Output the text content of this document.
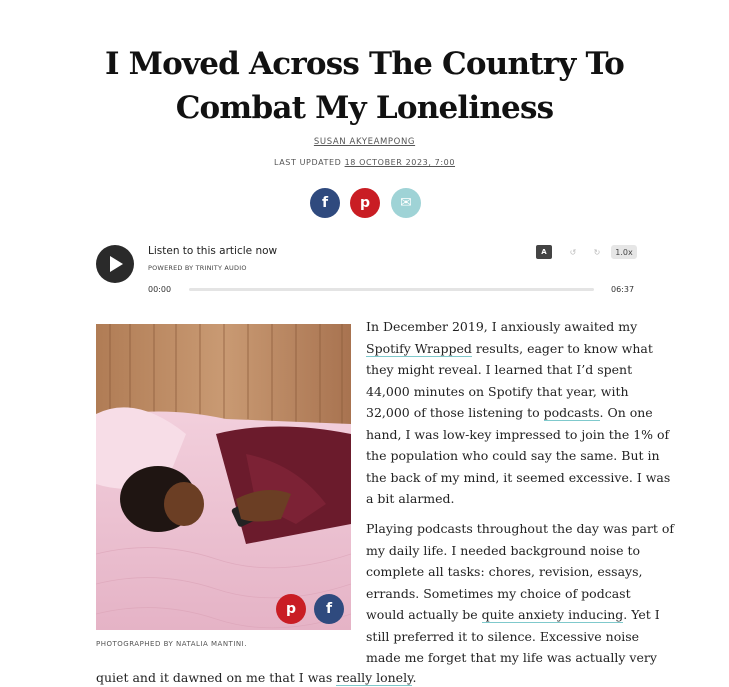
I Moved Across The Country To
Combat My Loneliness
SUSAN AKYEAMPONG
LAST UPDATED 18 OCTOBER 2023, 7:00
f p ✉
Listen to this article now
POWERED BY TRINITY AUDIO
A	↺	↻	1.0x
00:00	06:37
p f
PHOTOGRAPHED BY NATALIA MANTINI.
In December 2019, I anxiously awaited my
Spotify Wrapped results, eager to know what
they might reveal. I learned that I’d spent
44,000 minutes on Spotify that year, with
32,000 of those listening to podcasts. On one
hand, I was low-key impressed to join the 1% of
the population who could say the same. But in
the back of my mind, it seemed excessive. I was
a bit alarmed.
Playing podcasts throughout the day was part of
my daily life. I needed background noise to
complete all tasks: chores, revision, essays,
errands. Sometimes my choice of podcast
would actually be quite anxiety inducing. Yet I
still preferred it to silence. Excessive noise
made me forget that my life was actually very
quiet and it dawned on me that I was really lonely.
